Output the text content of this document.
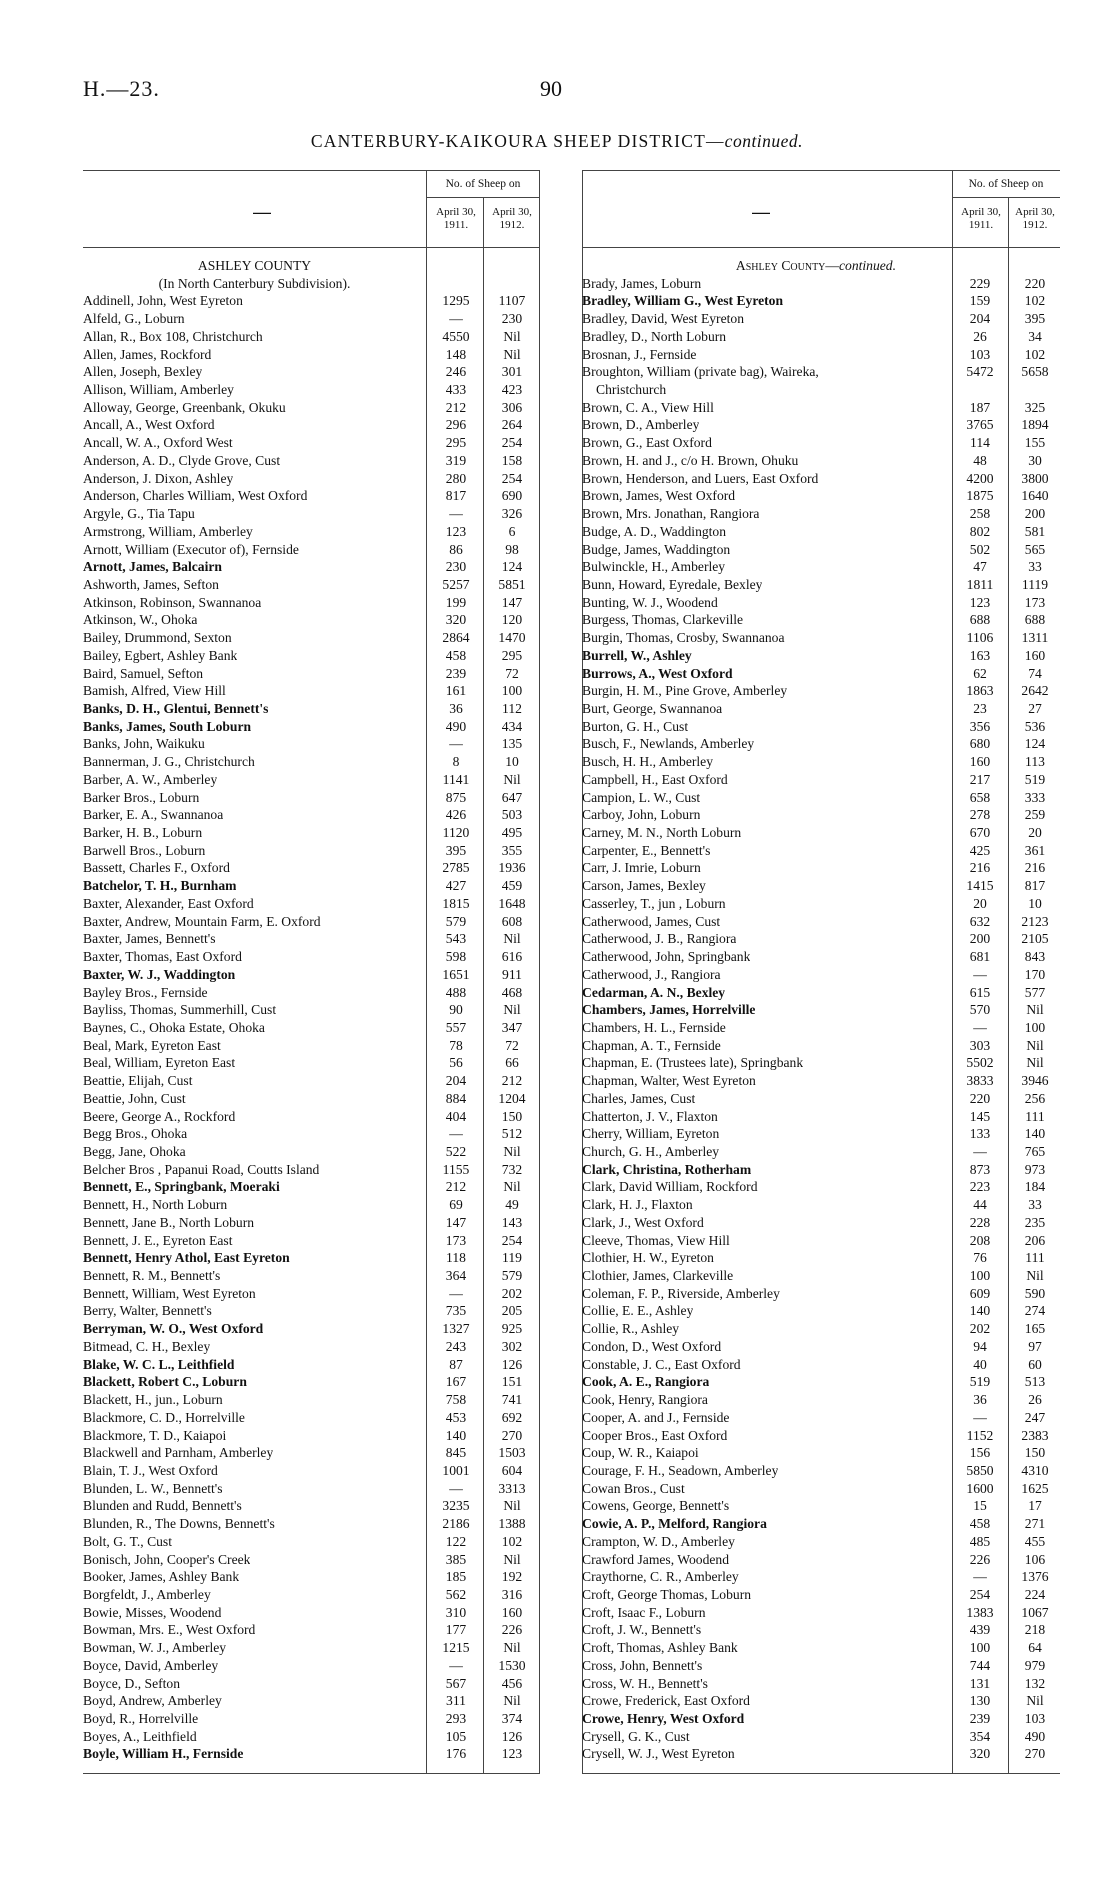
H.—23.	90
CANTERBURY-KAIKOURA SHEEP DISTRICT—continued.
—
No. of Sheep on
April 30, 1911.
April 30, 1912.
ASHLEY COUNTY
(In North Canterbury Subdivision).
Addinell, John, West Eyreton	1295	1107
Alfeld, G., Loburn	—	230
Allan, R., Box 108, Christchurch	4550	Nil
Allen, James, Rockford	148	Nil
Allen, Joseph, Bexley	246	301
Allison, William, Amberley	433	423
Alloway, George, Greenbank, Okuku	212	306
Ancall, A., West Oxford	296	264
Ancall, W. A., Oxford West	295	254
Anderson, A. D., Clyde Grove, Cust	319	158
Anderson, J. Dixon, Ashley	280	254
Anderson, Charles William, West Oxford	817	690
Argyle, G., Tia Tapu	—	326
Armstrong, William, Amberley	123	6
Arnott, William (Executor of), Fernside	86	98
Arnott, James, Balcairn	230	124
Ashworth, James, Sefton	5257	5851
Atkinson, Robinson, Swannanoa	199	147
Atkinson, W., Ohoka	320	120
Bailey, Drummond, Sexton	2864	1470
Bailey, Egbert, Ashley Bank	458	295
Baird, Samuel, Sefton	239	72
Bamish, Alfred, View Hill	161	100
Banks, D. H., Glentui, Bennett's	36	112
Banks, James, South Loburn	490	434
Banks, John, Waikuku	—	135
Bannerman, J. G., Christchurch	8	10
Barber, A. W., Amberley	1141	Nil
Barker Bros., Loburn	875	647
Barker, E. A., Swannanoa	426	503
Barker, H. B., Loburn	1120	495
Barwell Bros., Loburn	395	355
Bassett, Charles F., Oxford	2785	1936
Batchelor, T. H., Burnham	427	459
Baxter, Alexander, East Oxford	1815	1648
Baxter, Andrew, Mountain Farm, E. Oxford	579	608
Baxter, James, Bennett's	543	Nil
Baxter, Thomas, East Oxford	598	616
Baxter, W. J., Waddington	1651	911
Bayley Bros., Fernside	488	468
Bayliss, Thomas, Summerhill, Cust	90	Nil
Baynes, C., Ohoka Estate, Ohoka	557	347
Beal, Mark, Eyreton East	78	72
Beal, William, Eyreton East	56	66
Beattie, Elijah, Cust	204	212
Beattie, John, Cust	884	1204
Beere, George A., Rockford	404	150
Begg Bros., Ohoka	—	512
Begg, Jane, Ohoka	522	Nil
Belcher Bros , Papanui Road, Coutts Island	1155	732
Bennett, E., Springbank, Moeraki	212	Nil
Bennett, H., North Loburn	69	49
Bennett, Jane B., North Loburn	147	143
Bennett, J. E., Eyreton East	173	254
Bennett, Henry Athol, East Eyreton	118	119
Bennett, R. M., Bennett's	364	579
Bennett, William, West Eyreton	—	202
Berry, Walter, Bennett's	735	205
Berryman, W. O., West Oxford	1327	925
Bitmead, C. H., Bexley	243	302
Blake, W. C. L., Leithfield	87	126
Blackett, Robert C., Loburn	167	151
Blackett, H., jun., Loburn	758	741
Blackmore, C. D., Horrelville	453	692
Blackmore, T. D., Kaiapoi	140	270
Blackwell and Parnham, Amberley	845	1503
Blain, T. J., West Oxford	1001	604
Blunden, L. W., Bennett's	—	3313
Blunden and Rudd, Bennett's	3235	Nil
Blunden, R., The Downs, Bennett's	2186	1388
Bolt, G. T., Cust	122	102
Bonisch, John, Cooper's Creek	385	Nil
Booker, James, Ashley Bank	185	192
Borgfeldt, J., Amberley	562	316
Bowie, Misses, Woodend	310	160
Bowman, Mrs. E., West Oxford	177	226
Bowman, W. J., Amberley	1215	Nil
Boyce, David, Amberley	—	1530
Boyce, D., Sefton	567	456
Boyd, Andrew, Amberley	311	Nil
Boyd, R., Horrelville	293	374
Boyes, A., Leithfield	105	126
Boyle, William H., Fernside	176	123
—
No. of Sheep on
April 30, 1911.
April 30, 1912.
Ashley County— continued.
Brady, James, Loburn	229	220
Bradley, William G., West Eyreton	159	102
Bradley, David, West Eyreton	204	395
Bradley, D., North Loburn	26	34
Brosnan, J., Fernside	103	102
Broughton, William (private bag), Waireka,	5472	5658
Christchurch
Brown, C. A., View Hill	187	325
Brown, D., Amberley	3765	1894
Brown, G., East Oxford	114	155
Brown, H. and J., c/o H. Brown, Ohuku	48	30
Brown, Henderson, and Luers, East Oxford	4200	3800
Brown, James, West Oxford	1875	1640
Brown, Mrs. Jonathan, Rangiora	258	200
Budge, A. D., Waddington	802	581
Budge, James, Waddington	502	565
Bulwinckle, H., Amberley	47	33
Bunn, Howard, Eyredale, Bexley	1811	1119
Bunting, W. J., Woodend	123	173
Burgess, Thomas, Clarkeville	688	688
Burgin, Thomas, Crosby, Swannanoa	1106	1311
Burrell, W., Ashley	163	160
Burrows, A., West Oxford	62	74
Burgin, H. M., Pine Grove, Amberley	1863	2642
Burt, George, Swannanoa	23	27
Burton, G. H., Cust	356	536
Busch, F., Newlands, Amberley	680	124
Busch, H. H., Amberley	160	113
Campbell, H., East Oxford	217	519
Campion, L. W., Cust	658	333
Carboy, John, Loburn	278	259
Carney, M. N., North Loburn	670	20
Carpenter, E., Bennett's	425	361
Carr, J. Imrie, Loburn	216	216
Carson, James, Bexley	1415	817
Casserley, T., jun , Loburn	20	10
Catherwood, James, Cust	632	2123
Catherwood, J. B., Rangiora	200	2105
Catherwood, John, Springbank	681	843
Catherwood, J., Rangiora	—	170
Cedarman, A. N., Bexley	615	577
Chambers, James, Horrelville	570	Nil
Chambers, H. L., Fernside	—	100
Chapman, A. T., Fernside	303	Nil
Chapman, E. (Trustees late), Springbank	5502	Nil
Chapman, Walter, West Eyreton	3833	3946
Charles, James, Cust	220	256
Chatterton, J. V., Flaxton	145	111
Cherry, William, Eyreton	133	140
Church, G. H., Amberley	—	765
Clark, Christina, Rotherham	873	973
Clark, David William, Rockford	223	184
Clark, H. J., Flaxton	44	33
Clark, J., West Oxford	228	235
Cleeve, Thomas, View Hill	208	206
Clothier, H. W., Eyreton	76	111
Clothier, James, Clarkeville	100	Nil
Coleman, F. P., Riverside, Amberley	609	590
Collie, E. E., Ashley	140	274
Collie, R., Ashley	202	165
Condon, D., West Oxford	94	97
Constable, J. C., East Oxford	40	60
Cook, A. E., Rangiora	519	513
Cook, Henry, Rangiora	36	26
Cooper, A. and J., Fernside	—	247
Cooper Bros., East Oxford	1152	2383
Coup, W. R., Kaiapoi	156	150
Courage, F. H., Seadown, Amberley	5850	4310
Cowan Bros., Cust	1600	1625
Cowens, George, Bennett's	15	17
Cowie, A. P., Melford, Rangiora	458	271
Crampton, W. D., Amberley	485	455
Crawford James, Woodend	226	106
Craythorne, C. R., Amberley	—	1376
Croft, George Thomas, Loburn	254	224
Croft, Isaac F., Loburn	1383	1067
Croft, J. W., Bennett's	439	218
Croft, Thomas, Ashley Bank	100	64
Cross, John, Bennett's	744	979
Cross, W. H., Bennett's	131	132
Crowe, Frederick, East Oxford	130	Nil
Crowe, Henry, West Oxford	239	103
Crysell, G. K., Cust	354	490
Crysell, W. J., West Eyreton	320	270
